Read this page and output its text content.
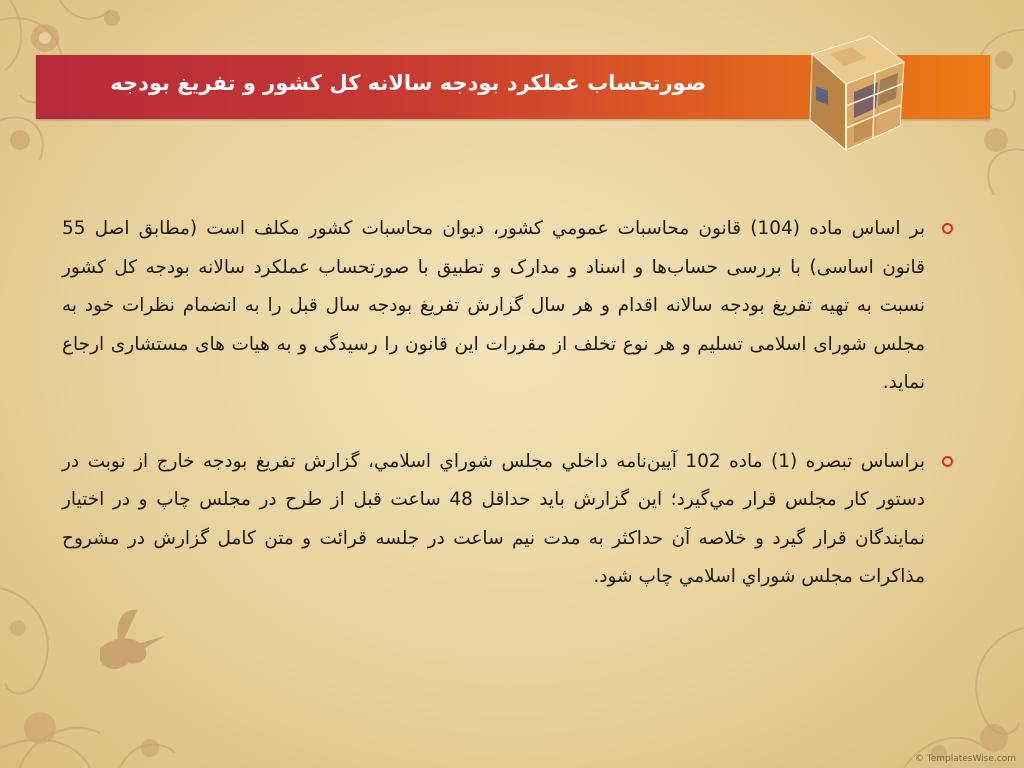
صورتحساب عملکرد بودجه سالانه کل کشور و تفریغ بودجه
بر اساس ماده (104) قانون محاسبات عمومي کشور، ديوان محاسبات کشور مکلف است (مطابق اصل 55 قانون اساسی) با بررسی حساب‌ها و اسناد و مدارک و تطبیق با صورتحساب عملکرد سالانه بودجه کل کشور نسبت به تهیه تفریغ بودجه سالانه اقدام و هر سال گزارش تفریغ بودجه سال قبل را به انضمام نظرات خود به مجلس شورای اسلامی تسلیم و هر نوع تخلف از مقررات این قانون را رسیدگی و به هیات های مستشاری ارجاع نماید.
براساس تبصره (1) ماده 102 آيين‌نامه داخلي مجلس شوراي اسلامي، گزارش تفريغ بودجه خارج از نوبت در دستور كار مجلس قرار مي‌گيرد؛ اين گزارش بايد حداقل 48 ساعت قبل از طرح در مجلس چاپ و در اختيار نمايندگان قرار گيرد و خلاصه آن حداكثر به مدت نيم ساعت در جلسه قرائت و متن كامل گزارش در مشروح مذاكرات مجلس شوراي اسلامي چاپ شود.
© TemplatesWise.com
